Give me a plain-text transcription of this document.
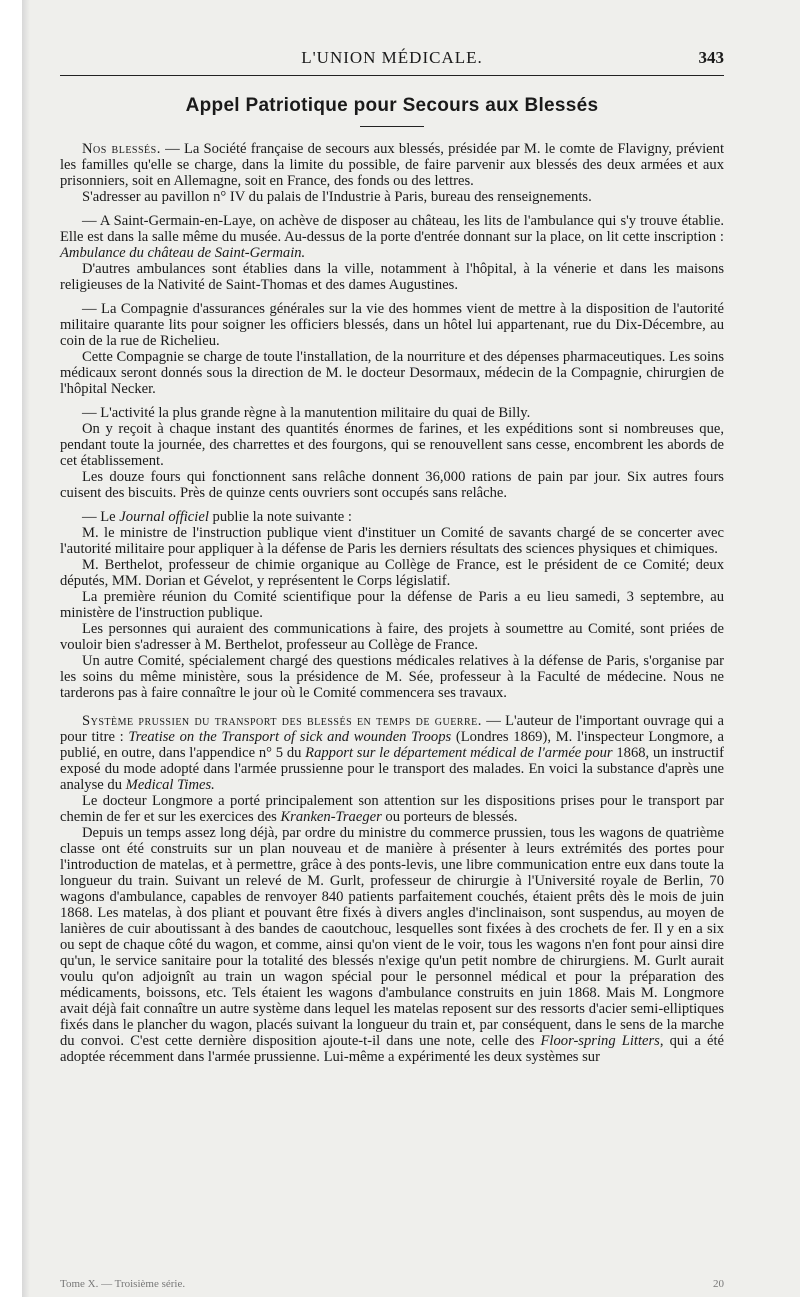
L'UNION MÉDICALE.	343
Appel Patriotique pour Secours aux Blessés

Nos blessés. — La Société française de secours aux blessés, présidée par M. le comte de Flavigny, prévient les familles qu'elle se charge, dans la limite du possible, de faire parvenir aux blessés des deux armées et aux prisonniers, soit en Allemagne, soit en France, des fonds ou des lettres.

S'adresser au pavillon n° IV du palais de l'Industrie à Paris, bureau des renseignements.

— A Saint-Germain-en-Laye, on achève de disposer au château, les lits de l'ambulance qui s'y trouve établie. Elle est dans la salle même du musée. Au-dessus de la porte d'entrée donnant sur la place, on lit cette inscription : Ambulance du château de Saint-Germain.

D'autres ambulances sont établies dans la ville, notamment à l'hôpital, à la vénerie et dans les maisons religieuses de la Nativité de Saint-Thomas et des dames Augustines.

— La Compagnie d'assurances générales sur la vie des hommes vient de mettre à la disposition de l'autorité militaire quarante lits pour soigner les officiers blessés, dans un hôtel lui appartenant, rue du Dix-Décembre, au coin de la rue de Richelieu.

Cette Compagnie se charge de toute l'installation, de la nourriture et des dépenses pharmaceutiques. Les soins médicaux seront donnés sous la direction de M. le docteur Desormaux, médecin de la Compagnie, chirurgien de l'hôpital Necker.

— L'activité la plus grande règne à la manutention militaire du quai de Billy.

On y reçoit à chaque instant des quantités énormes de farines, et les expéditions sont si nombreuses que, pendant toute la journée, des charrettes et des fourgons, qui se renouvellent sans cesse, encombrent les abords de cet établissement.

Les douze fours qui fonctionnent sans relâche donnent 36,000 rations de pain par jour. Six autres fours cuisent des biscuits. Près de quinze cents ouvriers sont occupés sans relâche.

— Le Journal officiel publie la note suivante :

M. le ministre de l'instruction publique vient d'instituer un Comité de savants chargé de se concerter avec l'autorité militaire pour appliquer à la défense de Paris les derniers résultats des sciences physiques et chimiques.

M. Berthelot, professeur de chimie organique au Collège de France, est le président de ce Comité; deux députés, MM. Dorian et Gévelot, y représentent le Corps législatif.

La première réunion du Comité scientifique pour la défense de Paris a eu lieu samedi, 3 septembre, au ministère de l'instruction publique.

Les personnes qui auraient des communications à faire, des projets à soumettre au Comité, sont priées de vouloir bien s'adresser à M. Berthelot, professeur au Collège de France.

Un autre Comité, spécialement chargé des questions médicales relatives à la défense de Paris, s'organise par les soins du même ministère, sous la présidence de M. Sée, professeur à la Faculté de médecine. Nous ne tarderons pas à faire connaître le jour où le Comité commencera ses travaux.

Système prussien du transport des blessés en temps de guerre. — L'auteur de l'important ouvrage qui a pour titre : Treatise on the Transport of sick and wounden Troops (Londres 1869), M. l'inspecteur Longmore, a publié, en outre, dans l'appendice n° 5 du Rapport sur le département médical de l'armée pour 1868, un instructif exposé du mode adopté dans l'armée prussienne pour le transport des malades. En voici la substance d'après une analyse du Medical Times.

Le docteur Longmore a porté principalement son attention sur les dispositions prises pour le transport par chemin de fer et sur les exercices des Kranken-Traeger ou porteurs de blessés.

Depuis un temps assez long déjà, par ordre du ministre du commerce prussien, tous les wagons de quatrième classe ont été construits sur un plan nouveau et de manière à présenter à leurs extrémités des portes pour l'introduction de matelas, et à permettre, grâce à des ponts-levis, une libre communication entre eux dans toute la longueur du train. Suivant un relevé de M. Gurlt, professeur de chirurgie à l'Université royale de Berlin, 70 wagons d'ambulance, capables de renvoyer 840 patients parfaitement couchés, étaient prêts dès le mois de juin 1868. Les matelas, à dos pliant et pouvant être fixés à divers angles d'inclinaison, sont suspendus, au moyen de lanières de cuir aboutissant à des bandes de caoutchouc, lesquelles sont fixées à des crochets de fer. Il y en a six ou sept de chaque côté du wagon, et comme, ainsi qu'on vient de le voir, tous les wagons n'en font pour ainsi dire qu'un, le service sanitaire pour la totalité des blessés n'exige qu'un petit nombre de chirurgiens. M. Gurlt aurait voulu qu'on adjoignît au train un wagon spécial pour le personnel médical et pour la préparation des médicaments, boissons, etc. Tels étaient les wagons d'ambulance construits en juin 1868. Mais M. Longmore avait déjà fait connaître un autre système dans lequel les matelas reposent sur des ressorts d'acier semi-elliptiques fixés dans le plancher du wagon, placés suivant la longueur du train et, par conséquent, dans le sens de la marche du convoi. C'est cette dernière disposition ajoute-t-il dans une note, celle des Floor-spring Litters, qui a été adoptée récemment dans l'armée prussienne. Lui-même a expérimenté les deux systèmes sur

Tome X. — Troisième série.	20
